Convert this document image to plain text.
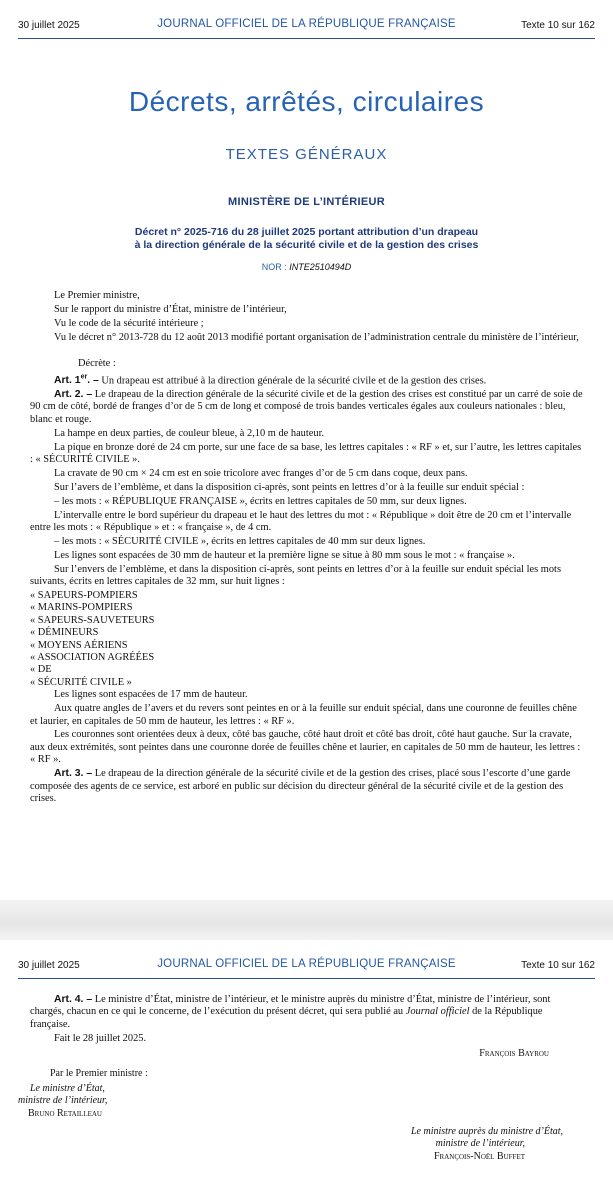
30 juillet 2025	JOURNAL OFFICIEL DE LA RÉPUBLIQUE FRANÇAISE	Texte 10 sur 162
Décrets, arrêtés, circulaires
TEXTES GÉNÉRAUX
MINISTÈRE DE L’INTÉRIEUR
Décret n° 2025-716 du 28 juillet 2025 portant attribution d’un drapeau
à la direction générale de la sécurité civile et de la gestion des crises
NOR : INTE2510494D

Le Premier ministre,

Sur le rapport du ministre d’État, ministre de l’intérieur,

Vu le code de la sécurité intérieure ;

Vu le décret n° 2013-728 du 12 août 2013 modifié portant organisation de l’administration centrale du ministère de l’intérieur,

Décrète :

Art. 1er. – Un drapeau est attribué à la direction générale de la sécurité civile et de la gestion des crises.

Art. 2. – Le drapeau de la direction générale de la sécurité civile et de la gestion des crises est constitué par un carré de soie de 90 cm de côté, bordé de franges d’or de 5 cm de long et composé de trois bandes verticales égales aux couleurs nationales : bleu, blanc et rouge.

La hampe en deux parties, de couleur bleue, à 2,10 m de hauteur.

La pique en bronze doré de 24 cm porte, sur une face de sa base, les lettres capitales : « RF » et, sur l’autre, les lettres capitales : « SÉCURITÉ CIVILE ».

La cravate de 90 cm × 24 cm est en soie tricolore avec franges d’or de 5 cm dans coque, deux pans.

Sur l’avers de l’emblème, et dans la disposition ci-après, sont peints en lettres d’or à la feuille sur enduit spécial :

– les mots : « RÉPUBLIQUE FRANÇAISE », écrits en lettres capitales de 50 mm, sur deux lignes.

L’intervalle entre le bord supérieur du drapeau et le haut des lettres du mot : « République » doit être de 20 cm et l’intervalle entre les mots : « République » et : « française », de 4 cm.

– les mots : « SÉCURITÉ CIVILE », écrits en lettres capitales de 40 mm sur deux lignes.

Les lignes sont espacées de 30 mm de hauteur et la première ligne se situe à 80 mm sous le mot : « française ».

Sur l’envers de l’emblème, et dans la disposition ci-après, sont peints en lettres d’or à la feuille sur enduit spécial les mots suivants, écrits en lettres capitales de 32 mm, sur huit lignes :

« SAPEURS-POMPIERS

« MARINS-POMPIERS

« SAPEURS-SAUVETEURS

« DÉMINEURS

« MOYENS AÉRIENS

« ASSOCIATION AGRÉÉES

« DE

« SÉCURITÉ CIVILE »

Les lignes sont espacées de 17 mm de hauteur.

Aux quatre angles de l’avers et du revers sont peintes en or à la feuille sur enduit spécial, dans une couronne de feuilles chêne et laurier, en capitales de 50 mm de hauteur, les lettres : « RF ».

Les couronnes sont orientées deux à deux, côté bas gauche, côté haut droit et côté bas droit, côté haut gauche. Sur la cravate, aux deux extrémités, sont peintes dans une couronne dorée de feuilles chêne et laurier, en capitales de 50 mm de hauteur, les lettres : « RF ».

Art. 3. – Le drapeau de la direction générale de la sécurité civile et de la gestion des crises, placé sous l’escorte d’une garde composée des agents de ce service, est arboré en public sur décision du directeur général de la sécurité civile et de la gestion des crises.

30 juillet 2025	JOURNAL OFFICIEL DE LA RÉPUBLIQUE FRANÇAISE	Texte 10 sur 162

Art. 4. – Le ministre d’État, ministre de l’intérieur, et le ministre auprès du ministre d’État, ministre de l’intérieur, sont chargés, chacun en ce qui le concerne, de l’exécution du présent décret, qui sera publié au Journal officiel de la République française.

Fait le 28 juillet 2025.

François Bayrou
Par le Premier ministre :
Le ministre d’État,
ministre de l’intérieur,
Bruno Retailleau
Le ministre auprès du ministre d’État,
ministre de l’intérieur,
François-Noël Buffet
